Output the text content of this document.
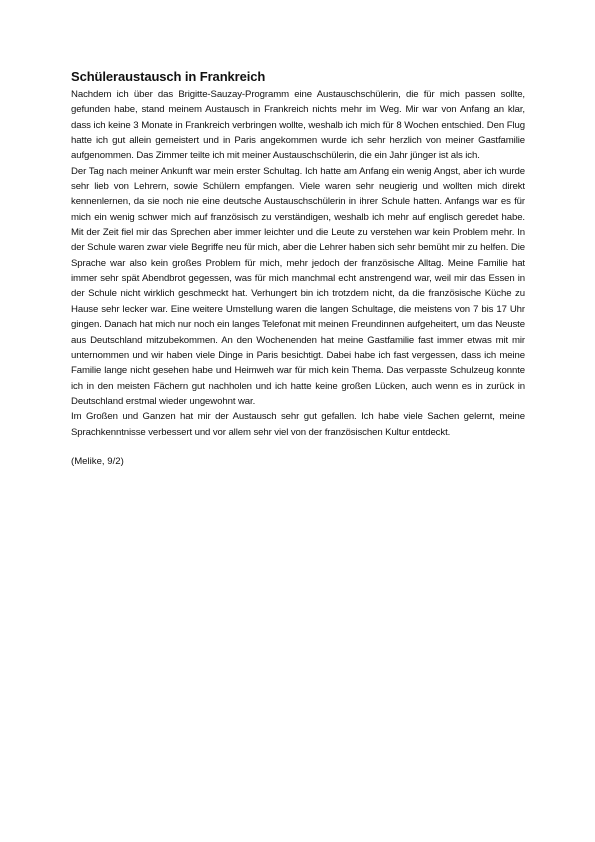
Schüleraustausch in Frankreich

Nachdem ich über das Brigitte-Sauzay-Programm eine Austauschschülerin, die für mich passen sollte, gefunden habe, stand meinem Austausch in Frankreich nichts mehr im Weg. Mir war von Anfang an klar, dass ich keine 3 Monate in Frankreich verbringen wollte, weshalb ich mich für 8 Wochen entschied. Den Flug hatte ich gut allein gemeistert und in Paris angekommen wurde ich sehr herzlich von meiner Gastfamilie aufgenommen. Das Zimmer teilte ich mit meiner Austauschschülerin, die ein Jahr jünger ist als ich.

Der Tag nach meiner Ankunft war mein erster Schultag. Ich hatte am Anfang ein wenig Angst, aber ich wurde sehr lieb von Lehrern, sowie Schülern empfangen. Viele waren sehr neugierig und wollten mich direkt kennenlernen, da sie noch nie eine deutsche Austauschschülerin in ihrer Schule hatten. Anfangs war es für mich ein wenig schwer mich auf französisch zu verständigen, weshalb ich mehr auf englisch geredet habe. Mit der Zeit fiel mir das Sprechen aber immer leichter und die Leute zu verstehen war kein Problem mehr. In der Schule waren zwar viele Begriffe neu für mich, aber die Lehrer haben sich sehr bemüht mir zu helfen. Die Sprache war also kein großes Problem für mich, mehr jedoch der französische Alltag. Meine Familie hat immer sehr spät Abendbrot gegessen, was für mich manchmal echt anstrengend war, weil mir das Essen in der Schule nicht wirklich geschmeckt hat. Verhungert bin ich trotzdem nicht, da die französische Küche zu Hause sehr lecker war. Eine weitere Umstellung waren die langen Schultage, die meistens von 7 bis 17 Uhr gingen. Danach hat mich nur noch ein langes Telefonat mit meinen Freundinnen aufgeheitert, um das Neuste aus Deutschland mitzubekommen. An den Wochenenden hat meine Gastfamilie fast immer etwas mit mir unternommen und wir haben viele Dinge in Paris besichtigt. Dabei habe ich fast vergessen, dass ich meine Familie lange nicht gesehen habe und Heimweh war für mich kein Thema. Das verpasste Schulzeug konnte ich in den meisten Fächern gut nachholen und ich hatte keine großen Lücken, auch wenn es in zurück in Deutschland erstmal wieder ungewohnt war.

Im Großen und Ganzen hat mir der Austausch sehr gut gefallen. Ich habe viele Sachen gelernt, meine Sprachkenntnisse verbessert und vor allem sehr viel von der französischen Kultur entdeckt.

(Melike, 9/2)
